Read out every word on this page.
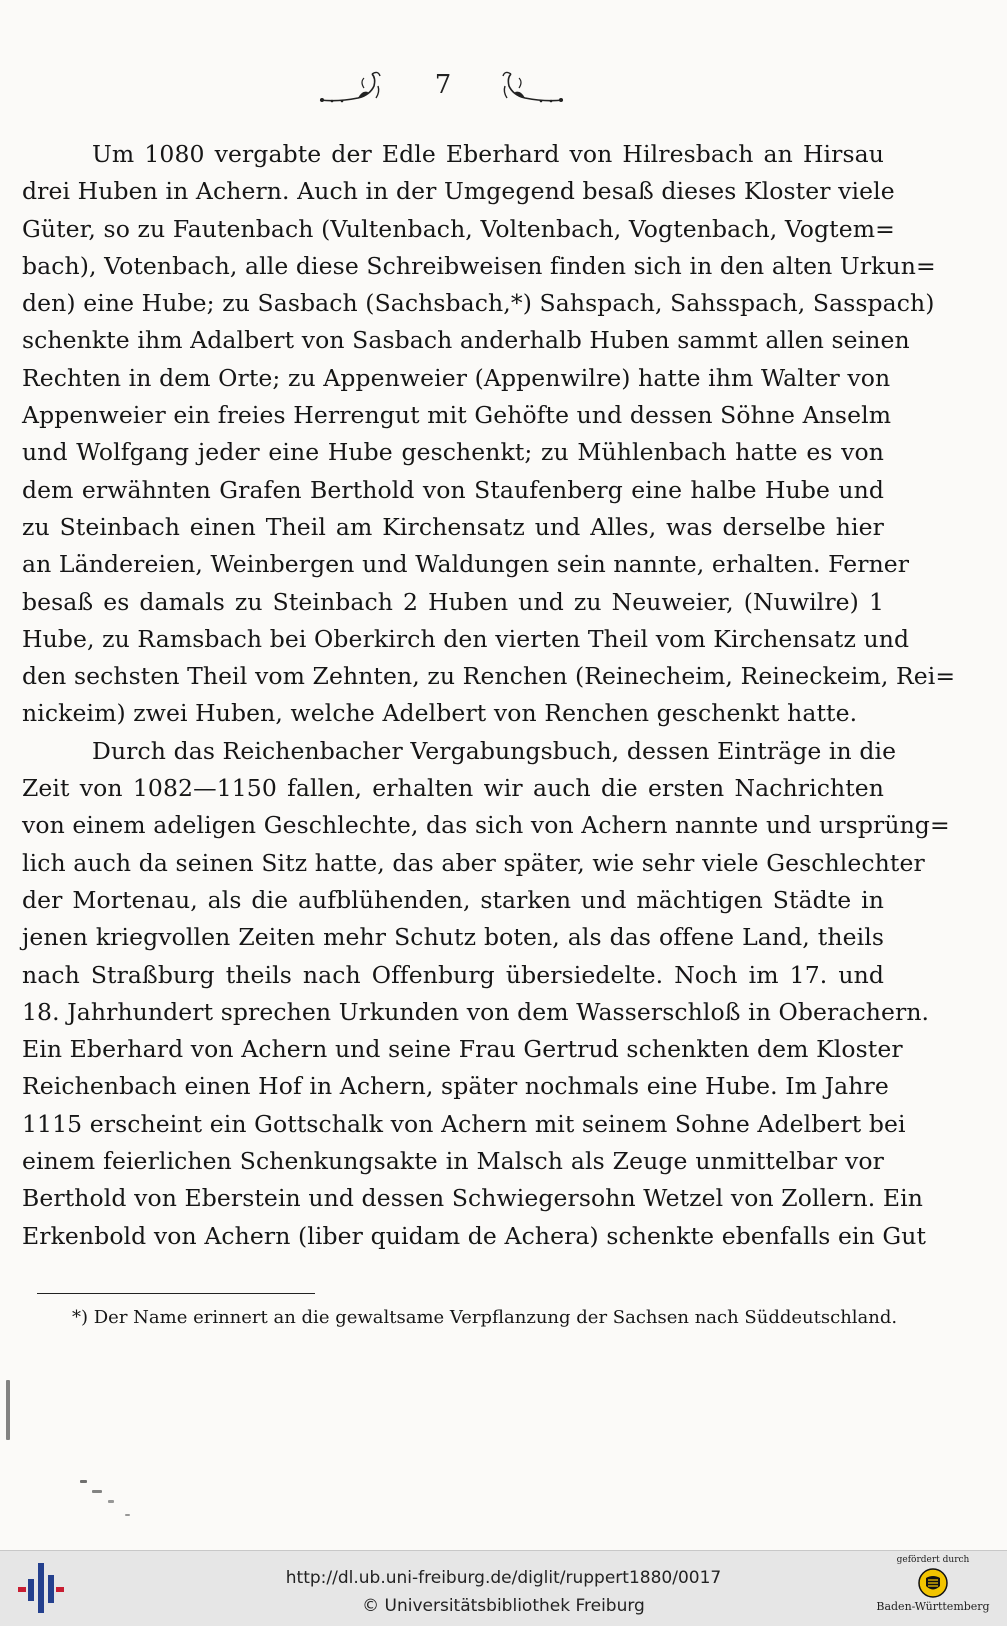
7
Um 1080 vergabte der Edle Eberhard von Hilresbach an Hirsau
drei Huben in Achern. Auch in der Umgegend besaß dieses Kloster viele
Güter, so zu Fautenbach (Vultenbach, Voltenbach, Vogtenbach, Vogtem=
bach), Votenbach, alle diese Schreibweisen finden sich in den alten Urkun=
den) eine Hube; zu Sasbach (Sachsbach,*) Sahspach, Sahsspach, Sasspach)
schenkte ihm Adalbert von Sasbach anderhalb Huben sammt allen seinen
Rechten in dem Orte; zu Appenweier (Appenwilre) hatte ihm Walter von
Appenweier ein freies Herrengut mit Gehöfte und dessen Söhne Anselm
und Wolfgang jeder eine Hube geschenkt; zu Mühlenbach hatte es von
dem erwähnten Grafen Berthold von Staufenberg eine halbe Hube und
zu Steinbach einen Theil am Kirchensatz und Alles, was derselbe hier
an Ländereien, Weinbergen und Waldungen sein nannte, erhalten. Ferner
besaß es damals zu Steinbach 2 Huben und zu Neuweier, (Nuwilre) 1
Hube, zu Ramsbach bei Oberkirch den vierten Theil vom Kirchensatz und
den sechsten Theil vom Zehnten, zu Renchen (Reinecheim, Reineckeim, Rei=
nickeim) zwei Huben, welche Adelbert von Renchen geschenkt hatte.
Durch das Reichenbacher Vergabungsbuch, dessen Einträge in die
Zeit von 1082—1150 fallen, erhalten wir auch die ersten Nachrichten
von einem adeligen Geschlechte, das sich von Achern nannte und ursprüng=
lich auch da seinen Sitz hatte, das aber später, wie sehr viele Geschlechter
der Mortenau, als die aufblühenden, starken und mächtigen Städte in
jenen kriegvollen Zeiten mehr Schutz boten, als das offene Land, theils
nach Straßburg theils nach Offenburg übersiedelte. Noch im 17. und
18. Jahrhundert sprechen Urkunden von dem Wasserschloß in Oberachern.
Ein Eberhard von Achern und seine Frau Gertrud schenkten dem Kloster
Reichenbach einen Hof in Achern, später nochmals eine Hube. Im Jahre
1115 erscheint ein Gottschalk von Achern mit seinem Sohne Adelbert bei
einem feierlichen Schenkungsakte in Malsch als Zeuge unmittelbar vor
Berthold von Eberstein und dessen Schwiegersohn Wetzel von Zollern. Ein
Erkenbold von Achern (liber quidam de Achera) schenkte ebenfalls ein Gut
*) Der Name erinnert an die gewaltsame Verpflanzung der Sachsen nach Süddeutschland.
http://dl.ub.uni-freiburg.de/diglit/ruppert1880/0017
© Universitätsbibliothek Freiburg
gefördert durch
Baden-Württemberg
